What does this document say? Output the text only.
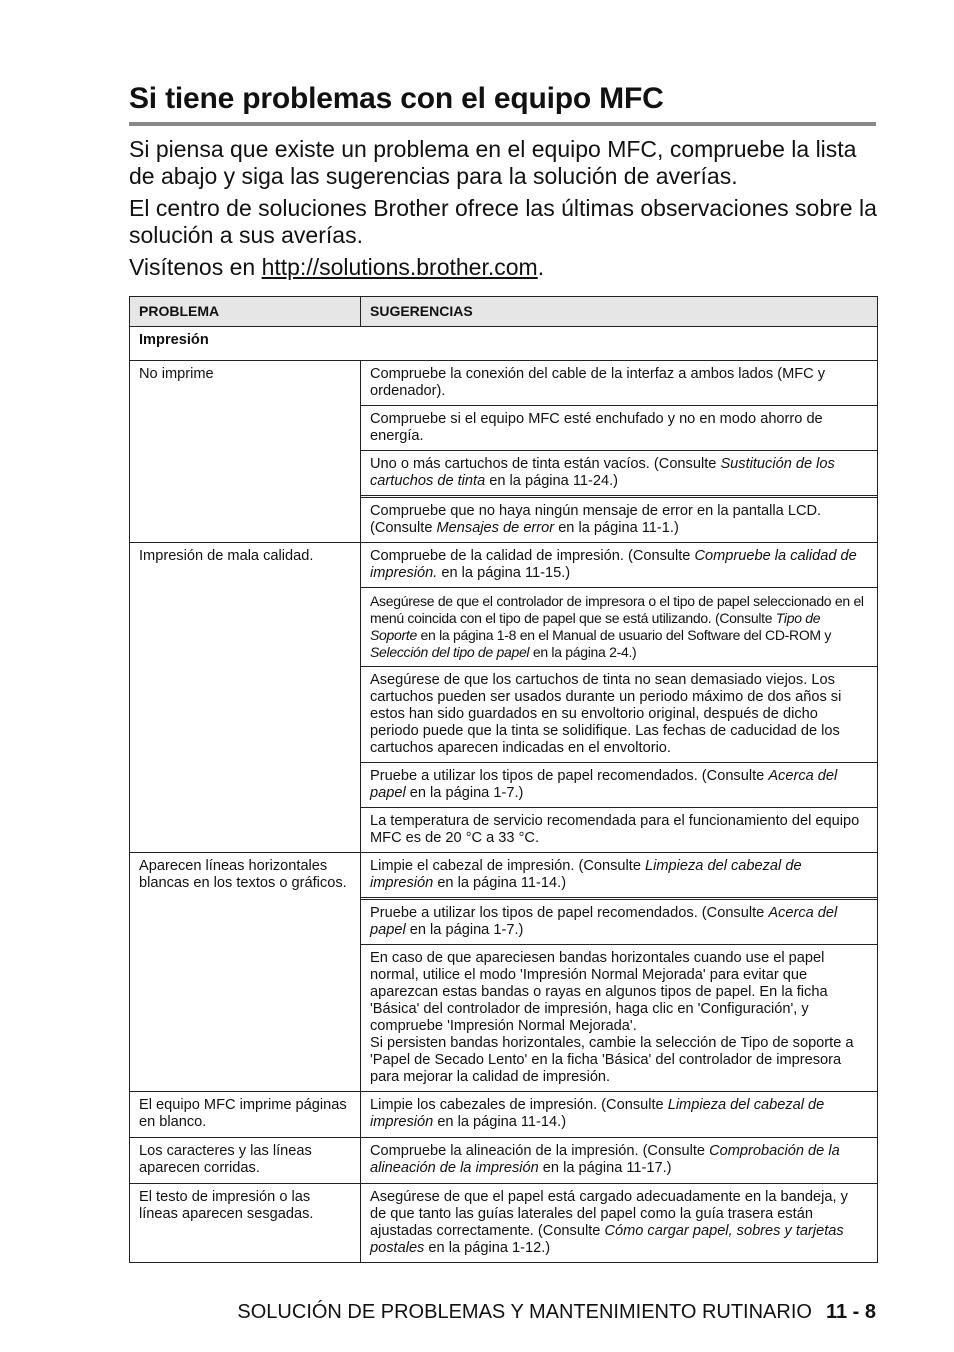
Si tiene problemas con el equipo MFC

Si piensa que existe un problema en el equipo MFC, compruebe la lista de abajo y siga las sugerencias para la solución de averías.

El centro de soluciones Brother ofrece las últimas observaciones sobre la solución a sus averías.

Visítenos en http://solutions.brother.com.

PROBLEMA	SUGERENCIAS
Impresión	
No imprime	Compruebe la conexión del cable de la interfaz a ambos lados (MFC y ordenador).
Compruebe si el equipo MFC esté enchufado y no en modo ahorro de energía.
Uno o más cartuchos de tinta están vacíos. (Consulte Sustitución de los cartuchos de tinta en la página 11-24.)
Compruebe que no haya ningún mensaje de error en la pantalla LCD. (Consulte Mensajes de error en la página 11-1.)

Impresión de mala calidad.	Compruebe de la calidad de impresión. (Consulte Compruebe la calidad de impresión. en la página 11-15.)
Asegúrese de que el controlador de impresora o el tipo de papel seleccionado en el menú coincida con el tipo de papel que se está utilizando. (Consulte Tipo de Soporte en la página 1-8 en el Manual de usuario del Software del CD-ROM y Selección del tipo de papel en la página 2-4.)
Asegúrese de que los cartuchos de tinta no sean demasiado viejos. Los cartuchos pueden ser usados durante un periodo máximo de dos años si estos han sido guardados en su envoltorio original, después de dicho periodo puede que la tinta se solidifique. Las fechas de caducidad de los cartuchos aparecen indicadas en el envoltorio.
Pruebe a utilizar los tipos de papel recomendados. (Consulte Acerca del papel en la página 1-7.)
La temperatura de servicio recomendada para el funcionamiento del equipo MFC es de 20 °C a 33 °C.

Aparecen líneas horizontales blancas en los textos o gráficos.	Limpie el cabezal de impresión. (Consulte Limpieza del cabezal de impresión en la página 11-14.)
Pruebe a utilizar los tipos de papel recomendados. (Consulte Acerca del papel en la página 1-7.)
En caso de que apareciesen bandas horizontales cuando use el papel normal, utilice el modo 'Impresión Normal Mejorada' para evitar que aparezcan estas bandas o rayas en algunos tipos de papel. En la ficha 'Básica' del controlador de impresión, haga clic en 'Configuración', y compruebe 'Impresión Normal Mejorada'.
Si persisten bandas horizontales, cambie la selección de Tipo de soporte a 'Papel de Secado Lento' en la ficha 'Básica' del controlador de impresora para mejorar la calidad de impresión.

El equipo MFC imprime páginas en blanco.	Limpie los cabezales de impresión. (Consulte Limpieza del cabezal de impresión en la página 11-14.)

Los caracteres y las líneas aparecen corridas.	Compruebe la alineación de la impresión. (Consulte Comprobación de la alineación de la impresión en la página 11-17.)

El testo de impresión o las líneas aparecen sesgadas.	Asegúrese de que el papel está cargado adecuadamente en la bandeja, y de que tanto las guías laterales del papel como la guía trasera están ajustadas correctamente. (Consulte Cómo cargar papel, sobres y tarjetas postales en la página 1-12.)
SOLUCIÓN DE PROBLEMAS Y MANTENIMIENTO RUTINARIO 11 - 8
